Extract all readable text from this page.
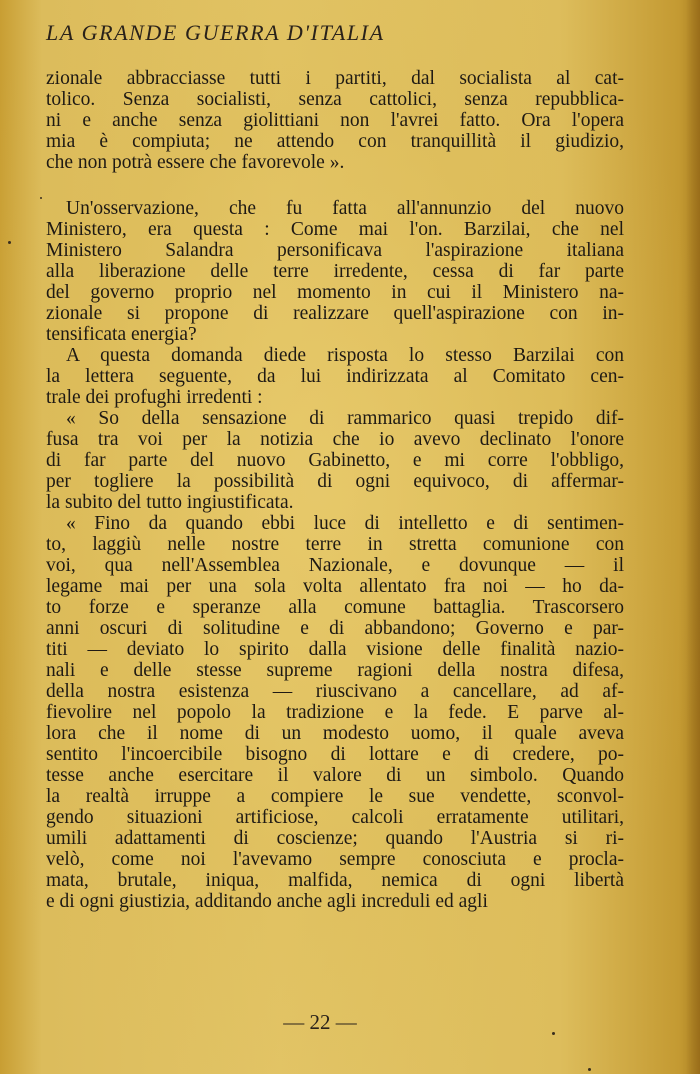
LA GRANDE GUERRA D'ITALIA
zionale abbracciasse tutti i partiti, dal socialista al cat-
tolico. Senza socialisti, senza cattolici, senza repubblica-
ni e anche senza giolittiani non l'avrei fatto. Ora l'opera
mia è compiuta; ne attendo con tranquillità il giudizio,
che non potrà essere che favorevole ».
Un'osservazione, che fu fatta all'annunzio del nuovo
Ministero, era questa : Come mai l'on. Barzilai, che nel
Ministero Salandra personificava l'aspirazione italiana
alla liberazione delle terre irredente, cessa di far parte
del governo proprio nel momento in cui il Ministero na-
zionale si propone di realizzare quell'aspirazione con in-
tensificata energia?
A questa domanda diede risposta lo stesso Barzilai con
la lettera seguente, da lui indirizzata al Comitato cen-
trale dei profughi irredenti :
« So della sensazione di rammarico quasi trepido dif-
fusa tra voi per la notizia che io avevo declinato l'onore
di far parte del nuovo Gabinetto, e mi corre l'obbligo,
per togliere la possibilità di ogni equivoco, di affermar-
la subito del tutto ingiustificata.
« Fino da quando ebbi luce di intelletto e di sentimen-
to, laggiù nelle nostre terre in stretta comunione con
voi, qua nell'Assemblea Nazionale, e dovunque — il
legame mai per una sola volta allentato fra noi — ho da-
to forze e speranze alla comune battaglia. Trascorsero
anni oscuri di solitudine e di abbandono; Governo e par-
titi — deviato lo spirito dalla visione delle finalità nazio-
nali e delle stesse supreme ragioni della nostra difesa,
della nostra esistenza — riuscivano a cancellare, ad af-
fievolire nel popolo la tradizione e la fede. E parve al-
lora che il nome di un modesto uomo, il quale aveva
sentito l'incoercibile bisogno di lottare e di credere, po-
tesse anche esercitare il valore di un simbolo. Quando
la realtà irruppe a compiere le sue vendette, sconvol-
gendo situazioni artificiose, calcoli erratamente utilitari,
umili adattamenti di coscienze; quando l'Austria si ri-
velò, come noi l'avevamo sempre conosciuta e procla-
mata, brutale, iniqua, malfida, nemica di ogni libertà
e di ogni giustizia, additando anche agli increduli ed agli
— 22 —
